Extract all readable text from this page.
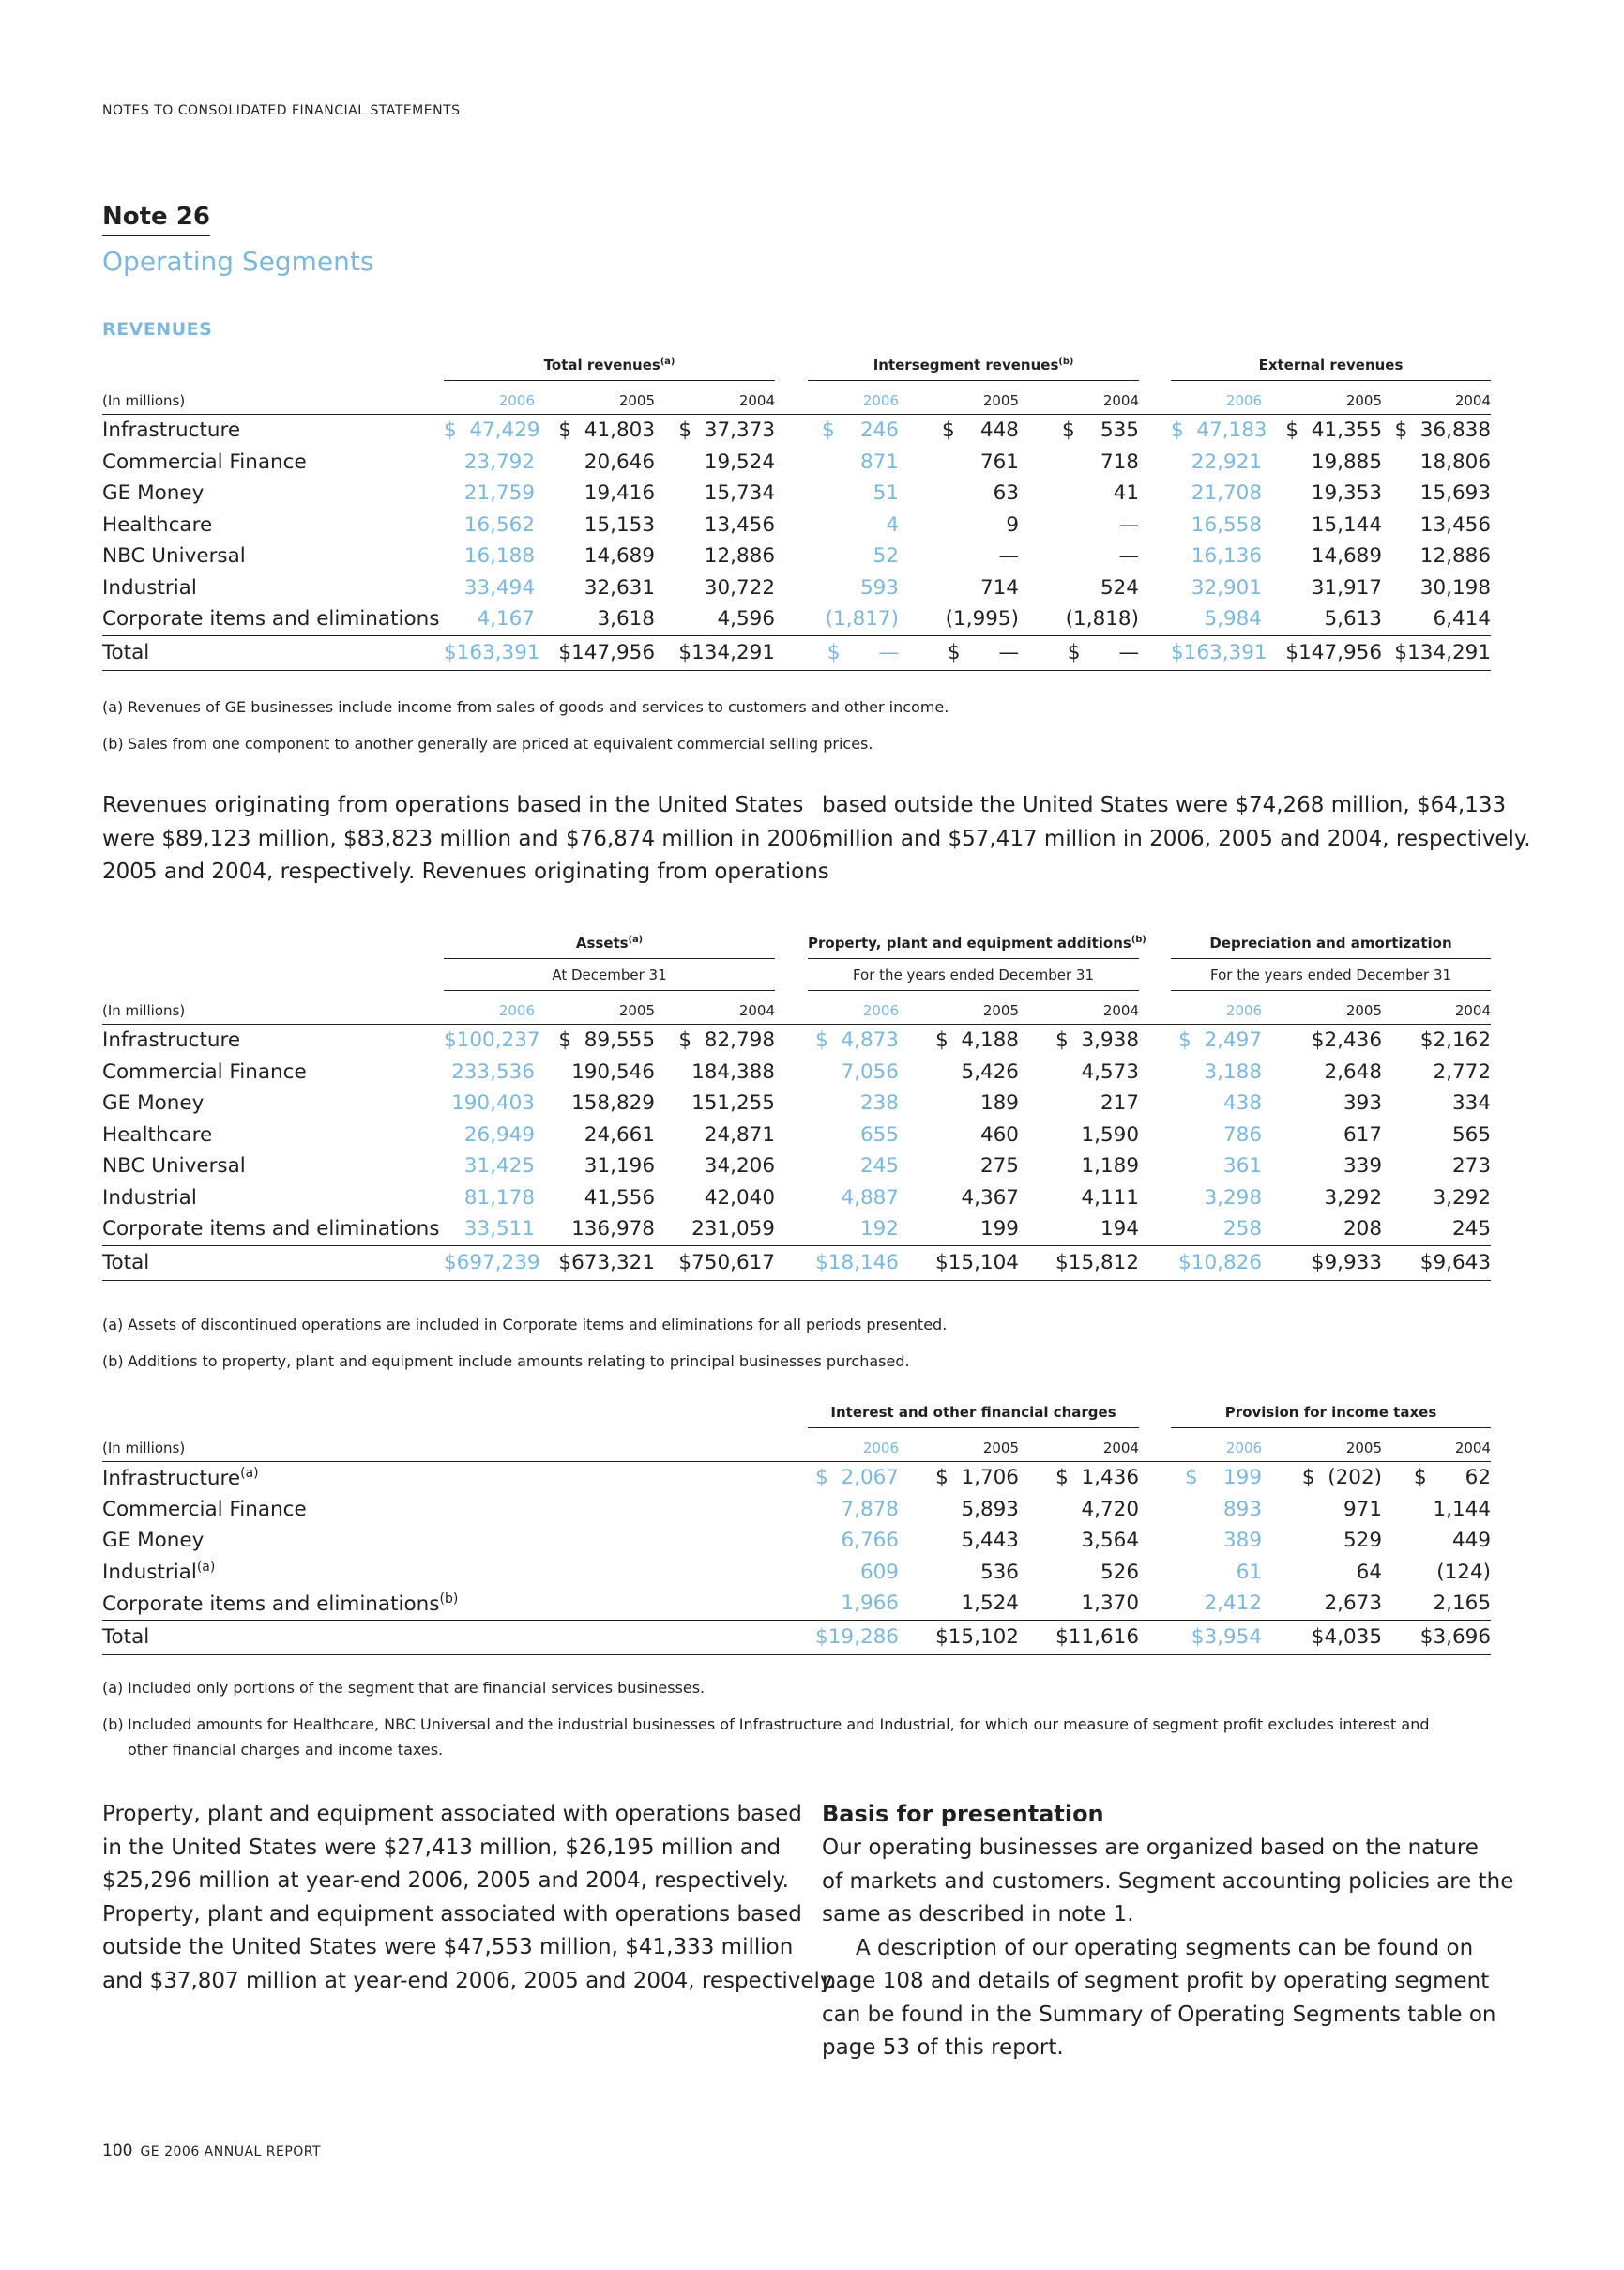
NOTES TO CONSOLIDATED FINANCIAL STATEMENTS
Note 26
Operating Segments
REVENUES
	Total revenues$^{(a)}$				Intersegment revenues$^{(b)}$				External revenues		
(In millions)	2006	2005	2004		2006	2005	2004		2006	2005	2004
Infrastructure	$  47,429	$  41,803	$  37,373		$    246	$    448	$    535		$  47,183	$  41,355	$  36,838
Commercial Finance	23,792	20,646	19,524		871	761	718		22,921	19,885	18,806
GE Money	21,759	19,416	15,734		51	63	41		21,708	19,353	15,693
Healthcare	16,562	15,153	13,456		4	9	—		16,558	15,144	13,456
NBC Universal	16,188	14,689	12,886		52	—	—		16,136	14,689	12,886
Industrial	33,494	32,631	30,722		593	714	524		32,901	31,917	30,198
Corporate items and eliminations	4,167	3,618	4,596		(1,817)	(1,995)	(1,818)		5,984	5,613	6,414
Total	$163,391	$147,956	$134,291		$      —	$      —	$      —		$163,391	$147,956	$134,291
(a) Revenues of GE businesses include income from sales of goods and services to customers and other income.
(b) Sales from one component to another generally are priced at equivalent commercial selling prices.
Revenues originating from operations based in the United States
were $89,123 million, $83,823 million and $76,874 million in 2006,
2005 and 2004, respectively. Revenues originating from operations
based outside the United States were $74,268 million, $64,133
million and $57,417 million in 2006, 2005 and 2004, respectively.
	Assets$^{(a)}$				Property, plant and equipment additions$^{(b)}$				Depreciation and amortization		
	At December 31				For the years ended December 31				For the years ended December 31		
(In millions)	2006	2005	2004		2006	2005	2004		2006	2005	2004
Infrastructure	$100,237	$  89,555	$  82,798		$  4,873	$  4,188	$  3,938		$  2,497	$2,436	$2,162
Commercial Finance	233,536	190,546	184,388		7,056	5,426	4,573		3,188	2,648	2,772
GE Money	190,403	158,829	151,255		238	189	217		438	393	334
Healthcare	26,949	24,661	24,871		655	460	1,590		786	617	565
NBC Universal	31,425	31,196	34,206		245	275	1,189		361	339	273
Industrial	81,178	41,556	42,040		4,887	4,367	4,111		3,298	3,292	3,292
Corporate items and eliminations	33,511	136,978	231,059		192	199	194		258	208	245
Total	$697,239	$673,321	$750,617		$18,146	$15,104	$15,812		$10,826	$9,933	$9,643
(a) Assets of discontinued operations are included in Corporate items and eliminations for all periods presented.
(b) Additions to property, plant and equipment include amounts relating to principal businesses purchased.
					Interest and other financial charges				Provision for income taxes		
(In millions)					2006	2005	2004		2006	2005	2004
Infrastructure$^{(a)}$					$  2,067	$  1,706	$  1,436		$    199	$  (202)	$      62
Commercial Finance					7,878	5,893	4,720		893	971	1,144
GE Money					6,766	5,443	3,564		389	529	449
Industrial$^{(a)}$					609	536	526		61	64	(124)
Corporate items and eliminations$^{(b)}$					1,966	1,524	1,370		2,412	2,673	2,165
Total					$19,286	$15,102	$11,616		$3,954	$4,035	$3,696
(a) Included only portions of the segment that are financial services businesses.
(b) Included amounts for Healthcare, NBC Universal and the industrial businesses of Infrastructure and Industrial, for which our measure of segment profit excludes interest and
other financial charges and income taxes.
Property, plant and equipment associated with operations based
in the United States were $27,413 million, $26,195 million and
$25,296 million at year-end 2006, 2005 and 2004, respectively.
Property, plant and equipment associated with operations based
outside the United States were $47,553 million, $41,333 million
and $37,807 million at year-end 2006, 2005 and 2004, respectively.
Basis for presentation
Our operating businesses are organized based on the nature
of markets and customers. Segment accounting policies are the
same as described in note 1.
A description of our operating segments can be found on
page 108 and details of segment profit by operating segment
can be found in the Summary of Operating Segments table on
page 53 of this report.
100 GE 2006 ANNUAL REPORT
